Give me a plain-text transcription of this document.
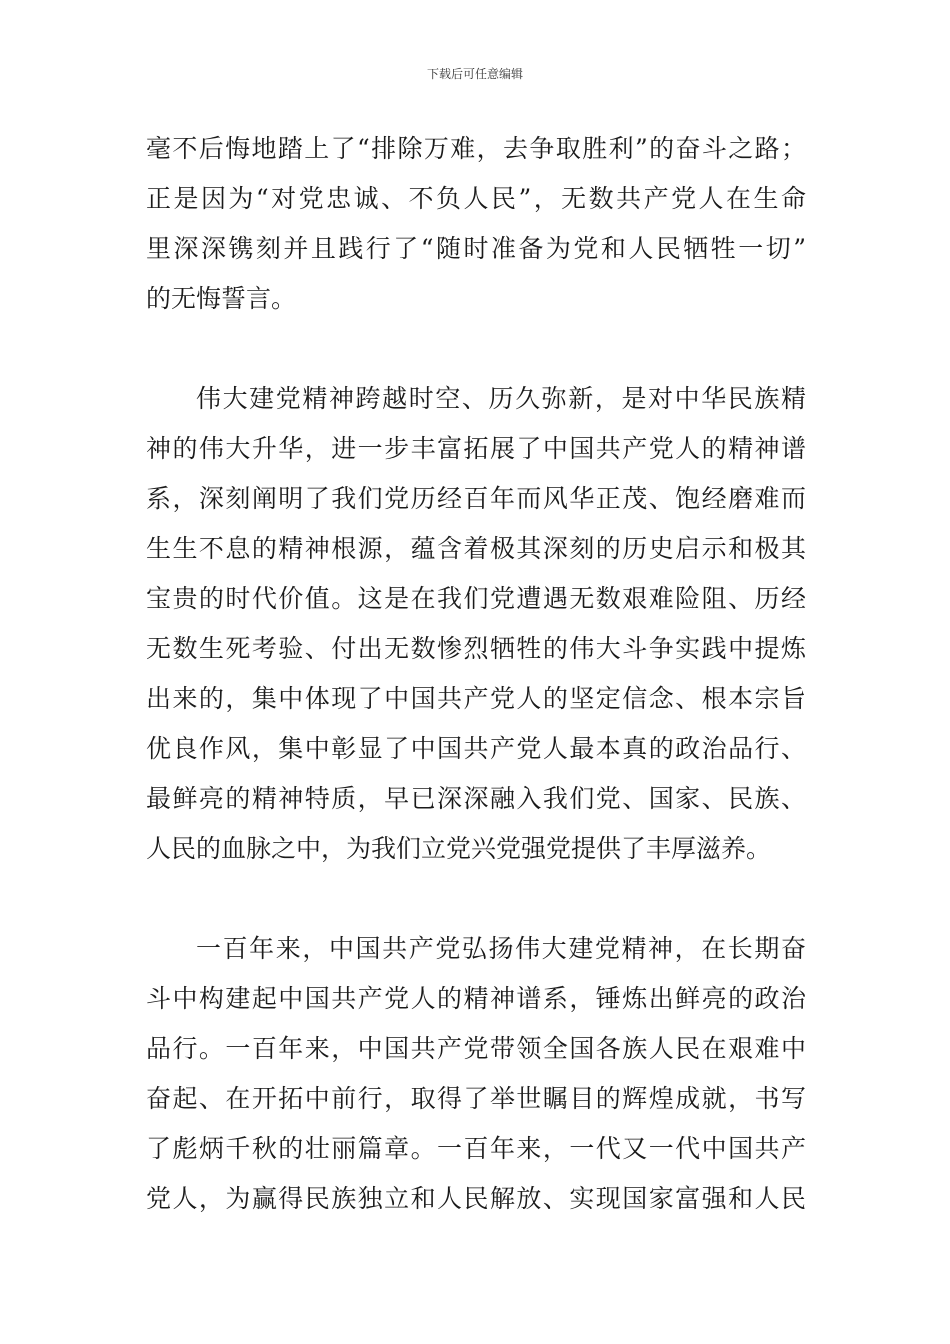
下载后可任意编辑
毫不后悔地踏上了“排除万难，去争取胜利”的奋斗之路；
正是因为“对党忠诚、不负人民”，无数共产党人在生命
里深深镌刻并且践行了“随时准备为党和人民牺牲一切”
的无悔誓言。
伟大建党精神跨越时空、历久弥新，是对中华民族精
神的伟大升华，进一步丰富拓展了中国共产党人的精神谱
系，深刻阐明了我们党历经百年而风华正茂、饱经磨难而
生生不息的精神根源，蕴含着极其深刻的历史启示和极其
宝贵的时代价值。这是在我们党遭遇无数艰难险阻、历经
无数生死考验、付出无数惨烈牺牲的伟大斗争实践中提炼
出来的，集中体现了中国共产党人的坚定信念、根本宗旨
优良作风，集中彰显了中国共产党人最本真的政治品行、
最鲜亮的精神特质，早已深深融入我们党、国家、民族、
人民的血脉之中，为我们立党兴党强党提供了丰厚滋养。
一百年来，中国共产党弘扬伟大建党精神，在长期奋
斗中构建起中国共产党人的精神谱系，锤炼出鲜亮的政治
品行。一百年来，中国共产党带领全国各族人民在艰难中
奋起、在开拓中前行，取得了举世瞩目的辉煌成就，书写
了彪炳千秋的壮丽篇章。一百年来，一代又一代中国共产
党人，为赢得民族独立和人民解放、实现国家富强和人民
